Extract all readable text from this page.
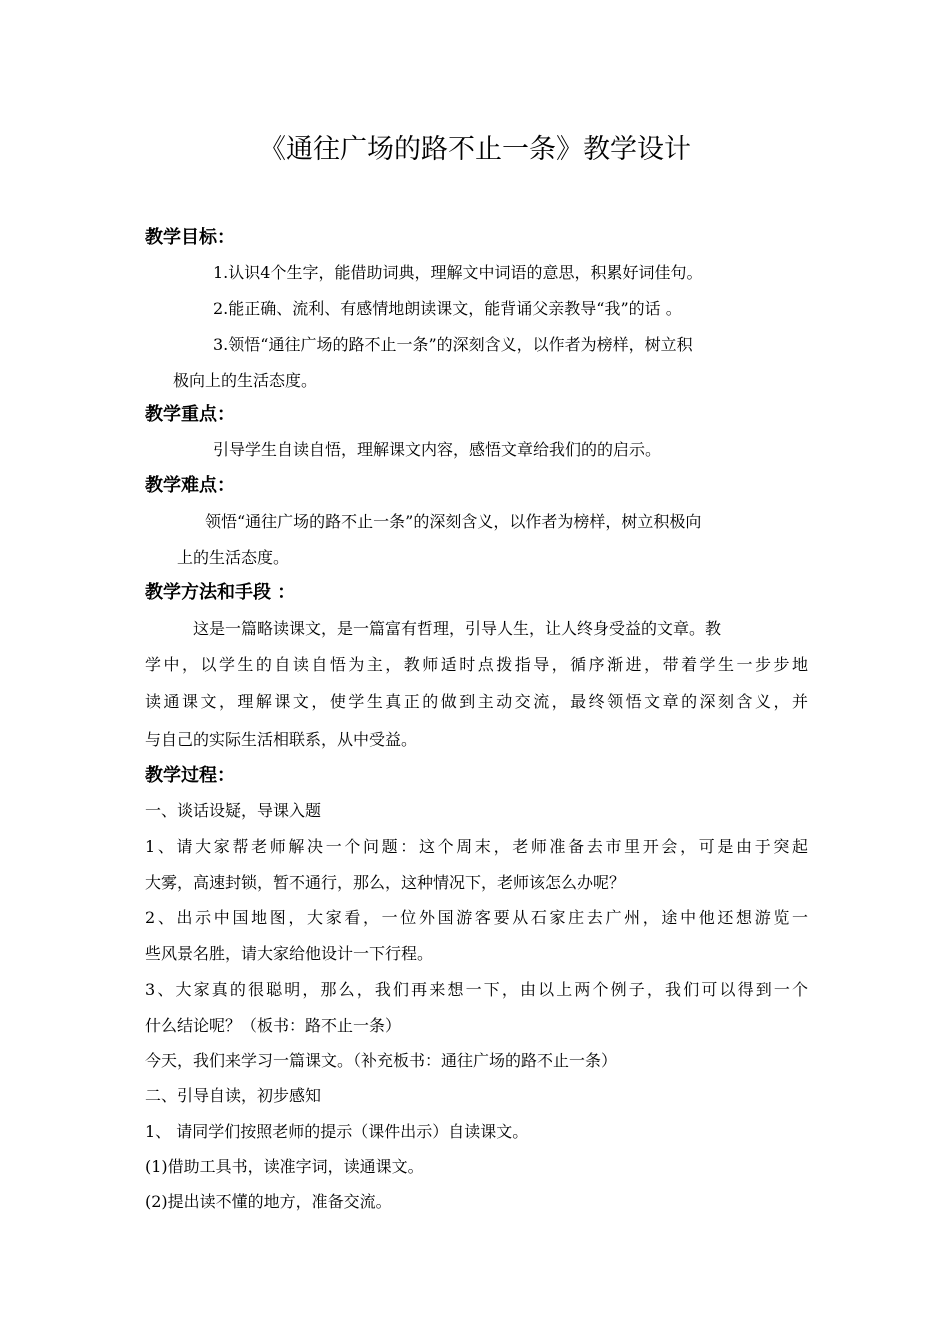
《通往广场的路不止一条》教学设计
教学目标：
1.认识4个生字，能借助词典，理解文中词语的意思，积累好词佳句。
2.能正确、流利、有感情地朗读课文，能背诵父亲教导“我”的话 。
3.领悟“通往广场的路不止一条”的深刻含义，以作者为榜样，树立积
极向上的生活态度。
教学重点：
引导学生自读自悟，理解课文内容，感悟文章给我们的的启示。
教学难点：
领悟“通往广场的路不止一条”的深刻含义，以作者为榜样，树立积极向
上的生活态度。
教学方法和手段 ：
这是一篇略读课文，是一篇富有哲理，引导人生，让人终身受益的文章。教
学中，以学生的自读自悟为主，教师适时点拨指导，循序渐进，带着学生一步步地
读通课文，理解课文，使学生真正的做到主动交流，最终领悟文章的深刻含义，并
与自己的实际生活相联系，从中受益。
教学过程：
一、谈话设疑，导课入题
1、请大家帮老师解决一个问题：这个周末，老师准备去市里开会，可是由于突起
大雾，高速封锁，暂不通行，那么，这种情况下，老师该怎么办呢？
2、出示中国地图，大家看，一位外国游客要从石家庄去广州，途中他还想游览一
些风景名胜，请大家给他设计一下行程。
3、大家真的很聪明，那么，我们再来想一下，由以上两个例子，我们可以得到一个
什么结论呢？（板书：路不止一条）
今天，我们来学习一篇课文。（补充板书：通往广场的路不止一条）
二、引导自读，初步感知
1、 请同学们按照老师的提示（课件出示）自读课文。
(1)借助工具书，读准字词，读通课文。
(2)提出读不懂的地方，准备交流。
